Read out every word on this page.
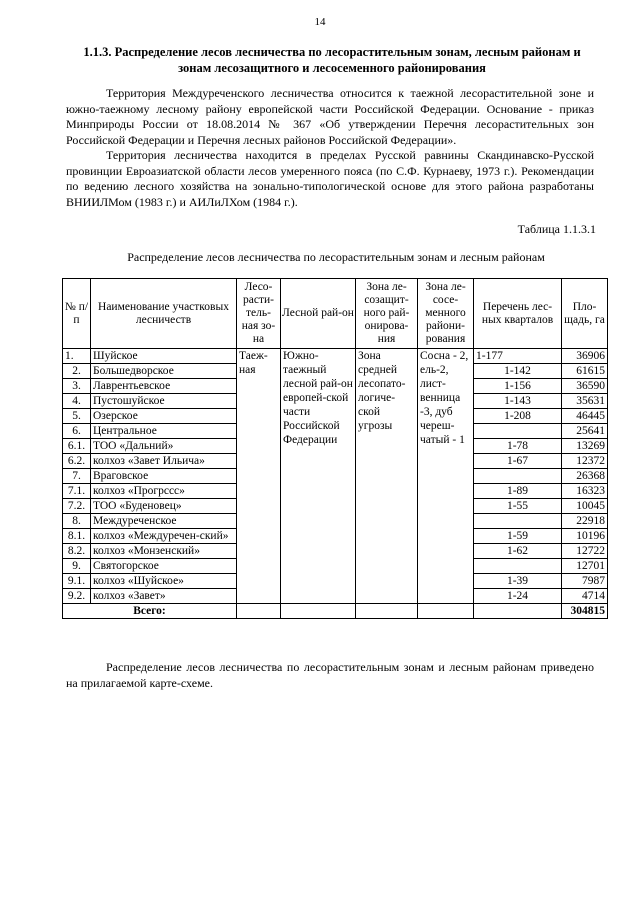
14
1.1.3. Распределение лесов лесничества по лесорастительным зонам, лесным районам и зонам лесозащитного и лесосеменного районирования

Территория Междуреченского лесничества относится к таежной лесорастительной зоне и южно-таежному лесному району европейской части Российской Федерации. Основание - приказ Минприроды России от 18.08.2014 № 367 «Об утверждении Перечня лесорастительных зон Российской Федерации и Перечня лесных районов Российской Федерации».

Территория лесничества находится в пределах Русской равнины Скандинавско-Русской провинции Евроазиатской области лесов умеренного пояса (по С.Ф. Курнаеву, 1973 г.). Рекомендации по ведению лесного хозяйства на зонально-типологической основе для этого района разработаны ВНИИЛМом (1983 г.) и АИЛиЛХом (1984 г.).

Таблица 1.1.3.1
Распределение лесов лесничества по лесорастительным зонам и лесным районам
№ п/п	Наименование участковых лесничеств	Лесо-расти-тель-ная зо-на	Лесной рай-он	Зона ле-созащит-ного рай-онирова-ния	Зона ле-сосе-менного райони-рования	Перечень лес-ных кварталов	Пло-щадь, га
1.	Шуйское	Таеж-ная	Южно-таежный лесной рай-он европей-ской части Российской Федерации	Зона средней лесопато-логиче-ской угрозы	Сосна - 2, ель-2, лист-венница -3, дуб череш-чатый - 1	1-177	36906
2.	Большедворское					1-142	61615
3.	Лаврентьевское					1-156	36590
4.	Пустошуйское					1-143	35631
5.	Озерское					1-208	46445
6.	Центральное						25641
6.1.	ТОО «Дальний»					1-78	13269
6.2.	колхоз «Завет Ильича»					1-67	12372
7.	Враговское						26368
7.1.	колхоз «Прогрсcс»					1-89	16323
7.2.	ТОО «Буденовец»					1-55	10045
8.	Междуреченское						22918
8.1.	колхоз «Междуречен-ский»					1-59	10196
8.2.	колхоз «Монзенский»					1-62	12722
9.	Святогорское						12701
9.1.	колхоз «Шуйское»					1-39	7987
9.2.	колхоз «Завет»					1-24	4714
Всего:							304815

Распределение лесов лесничества по лесорастительным зонам и лесным районам приведено на прилагаемой карте-схеме.
